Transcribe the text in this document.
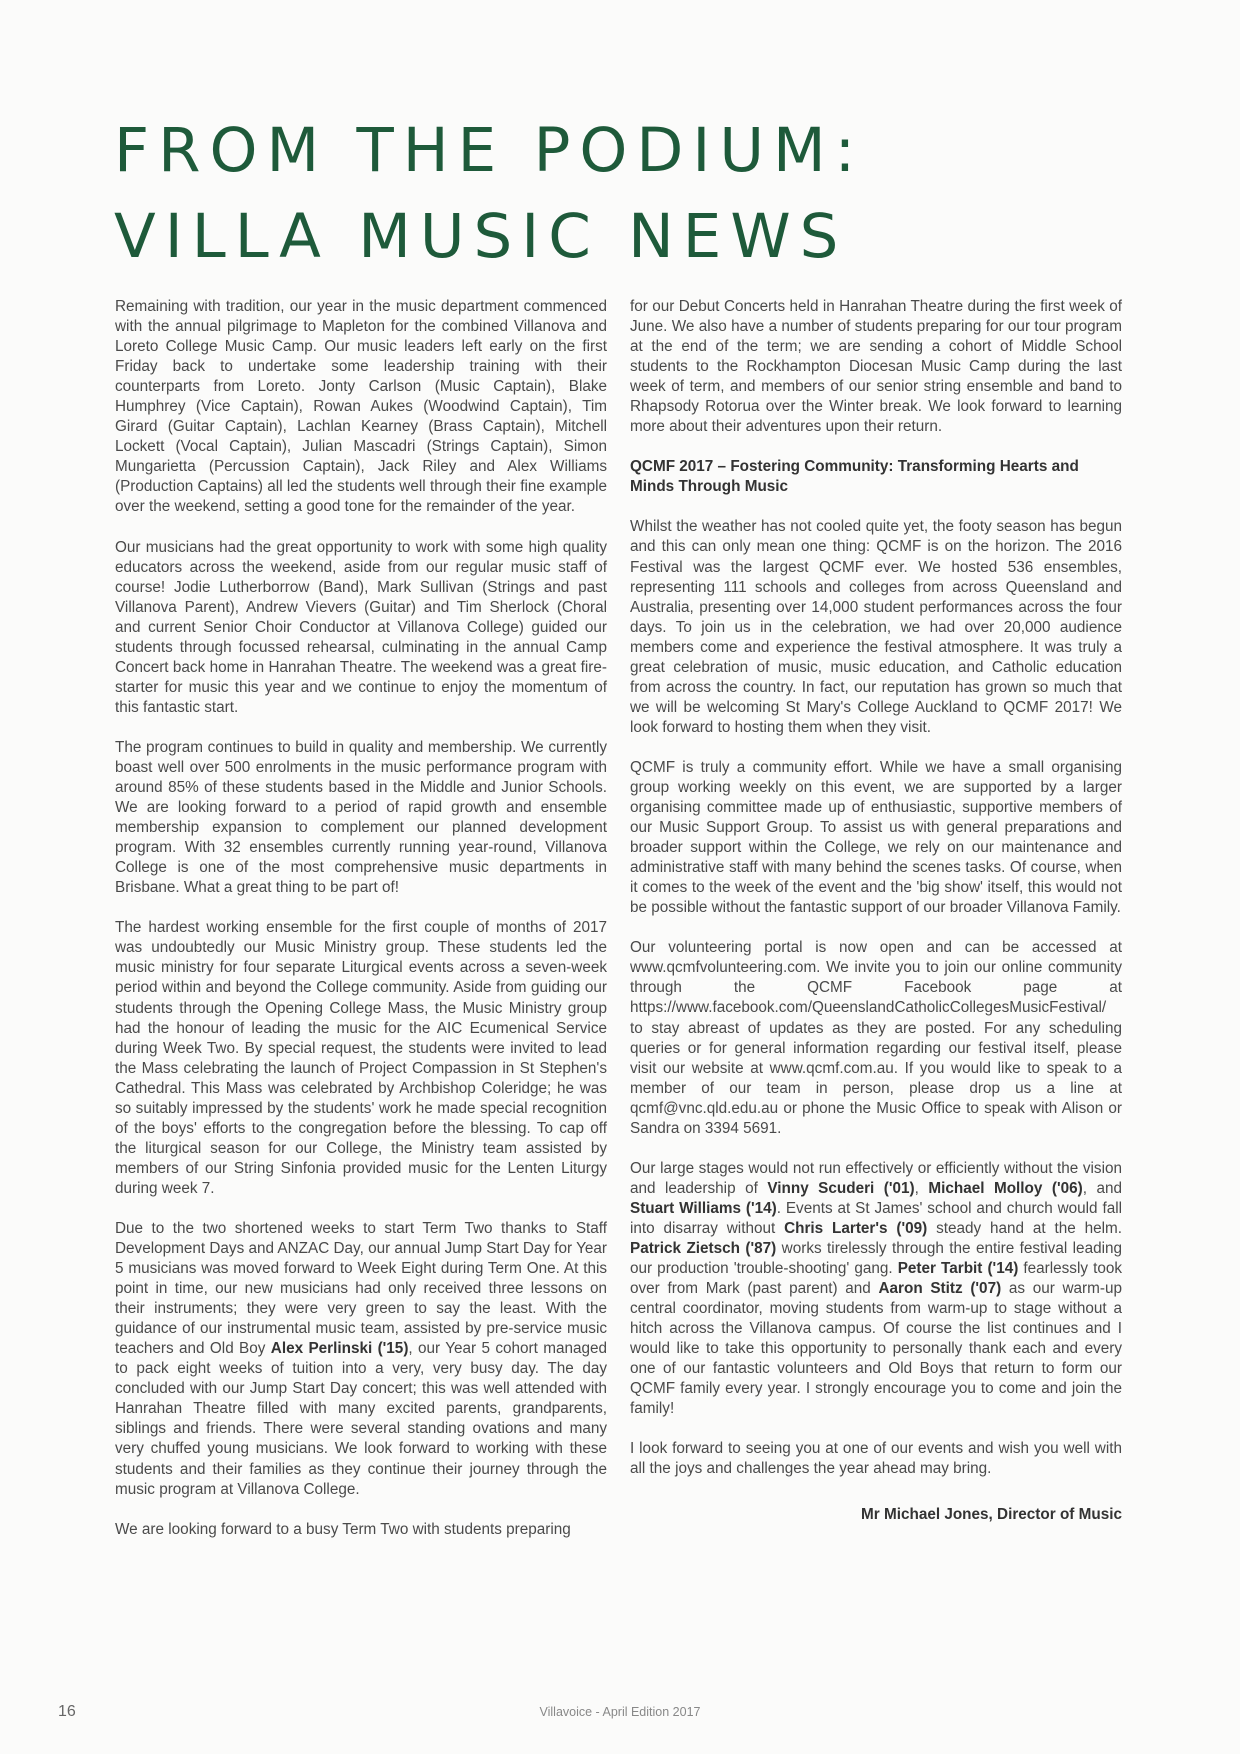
FROM THE PODIUM:
VILLA MUSIC NEWS

Remaining with tradition, our year in the music department commenced with the annual pilgrimage to Mapleton for the combined Villanova and Loreto College Music Camp. Our music leaders left early on the first Friday back to undertake some leadership training with their counterparts from Loreto. Jonty Carlson (Music Captain), Blake Humphrey (Vice Captain), Rowan Aukes (Woodwind Captain), Tim Girard (Guitar Captain), Lachlan Kearney (Brass Captain), Mitchell Lockett (Vocal Captain), Julian Mascadri (Strings Captain), Simon Mungarietta (Percussion Captain), Jack Riley and Alex Williams (Production Captains) all led the students well through their fine example over the weekend, setting a good tone for the remainder of the year.

Our musicians had the great opportunity to work with some high quality educators across the weekend, aside from our regular music staff of course! Jodie Lutherborrow (Band), Mark Sullivan (Strings and past Villanova Parent), Andrew Vievers (Guitar) and Tim Sherlock (Choral and current Senior Choir Conductor at Villanova College) guided our students through focussed rehearsal, culminating in the annual Camp Concert back home in Hanrahan Theatre. The weekend was a great fire-starter for music this year and we continue to enjoy the momentum of this fantastic start.

The program continues to build in quality and membership. We currently boast well over 500 enrolments in the music performance program with around 85% of these students based in the Middle and Junior Schools. We are looking forward to a period of rapid growth and ensemble membership expansion to complement our planned development program. With 32 ensembles currently running year-round, Villanova College is one of the most comprehensive music departments in Brisbane. What a great thing to be part of!

The hardest working ensemble for the first couple of months of 2017 was undoubtedly our Music Ministry group. These students led the music ministry for four separate Liturgical events across a seven-week period within and beyond the College community. Aside from guiding our students through the Opening College Mass, the Music Ministry group had the honour of leading the music for the AIC Ecumenical Service during Week Two. By special request, the students were invited to lead the Mass celebrating the launch of Project Compassion in St Stephen's Cathedral. This Mass was celebrated by Archbishop Coleridge; he was so suitably impressed by the students' work he made special recognition of the boys' efforts to the congregation before the blessing. To cap off the liturgical season for our College, the Ministry team assisted by members of our String Sinfonia provided music for the Lenten Liturgy during week 7.

Due to the two shortened weeks to start Term Two thanks to Staff Development Days and ANZAC Day, our annual Jump Start Day for Year 5 musicians was moved forward to Week Eight during Term One. At this point in time, our new musicians had only received three lessons on their instruments; they were very green to say the least. With the guidance of our instrumental music team, assisted by pre-service music teachers and Old Boy Alex Perlinski ('15), our Year 5 cohort managed to pack eight weeks of tuition into a very, very busy day. The day concluded with our Jump Start Day concert; this was well attended with Hanrahan Theatre filled with many excited parents, grandparents, siblings and friends. There were several standing ovations and many very chuffed young musicians. We look forward to working with these students and their families as they continue their journey through the music program at Villanova College.

We are looking forward to a busy Term Two with students preparing

for our Debut Concerts held in Hanrahan Theatre during the first week of June. We also have a number of students preparing for our tour program at the end of the term; we are sending a cohort of Middle School students to the Rockhampton Diocesan Music Camp during the last week of term, and members of our senior string ensemble and band to Rhapsody Rotorua over the Winter break. We look forward to learning more about their adventures upon their return.

QCMF 2017 – Fostering Community: Transforming Hearts and Minds Through Music

Whilst the weather has not cooled quite yet, the footy season has begun and this can only mean one thing: QCMF is on the horizon. The 2016 Festival was the largest QCMF ever. We hosted 536 ensembles, representing 111 schools and colleges from across Queensland and Australia, presenting over 14,000 student performances across the four days. To join us in the celebration, we had over 20,000 audience members come and experience the festival atmosphere. It was truly a great celebration of music, music education, and Catholic education from across the country. In fact, our reputation has grown so much that we will be welcoming St Mary's College Auckland to QCMF 2017! We look forward to hosting them when they visit.

QCMF is truly a community effort. While we have a small organising group working weekly on this event, we are supported by a larger organising committee made up of enthusiastic, supportive members of our Music Support Group. To assist us with general preparations and broader support within the College, we rely on our maintenance and administrative staff with many behind the scenes tasks. Of course, when it comes to the week of the event and the 'big show' itself, this would not be possible without the fantastic support of our broader Villanova Family.

Our volunteering portal is now open and can be accessed at www.qcmfvolunteering.com. We invite you to join our online community through the QCMF Facebook page at https://www.facebook.com/QueenslandCatholicCollegesMusicFestival/ to stay abreast of updates as they are posted. For any scheduling queries or for general information regarding our festival itself, please visit our website at www.qcmf.com.au. If you would like to speak to a member of our team in person, please drop us a line at qcmf@vnc.qld.edu.au or phone the Music Office to speak with Alison or Sandra on 3394 5691.

Our large stages would not run effectively or efficiently without the vision and leadership of Vinny Scuderi ('01), Michael Molloy ('06), and Stuart Williams ('14). Events at St James' school and church would fall into disarray without Chris Larter's ('09) steady hand at the helm. Patrick Zietsch ('87) works tirelessly through the entire festival leading our production 'trouble-shooting' gang. Peter Tarbit ('14) fearlessly took over from Mark (past parent) and Aaron Stitz ('07) as our warm-up central coordinator, moving students from warm-up to stage without a hitch across the Villanova campus. Of course the list continues and I would like to take this opportunity to personally thank each and every one of our fantastic volunteers and Old Boys that return to form our QCMF family every year. I strongly encourage you to come and join the family!

I look forward to seeing you at one of our events and wish you well with all the joys and challenges the year ahead may bring.

Mr Michael Jones, Director of Music
16	Villavoice - April Edition 2017
